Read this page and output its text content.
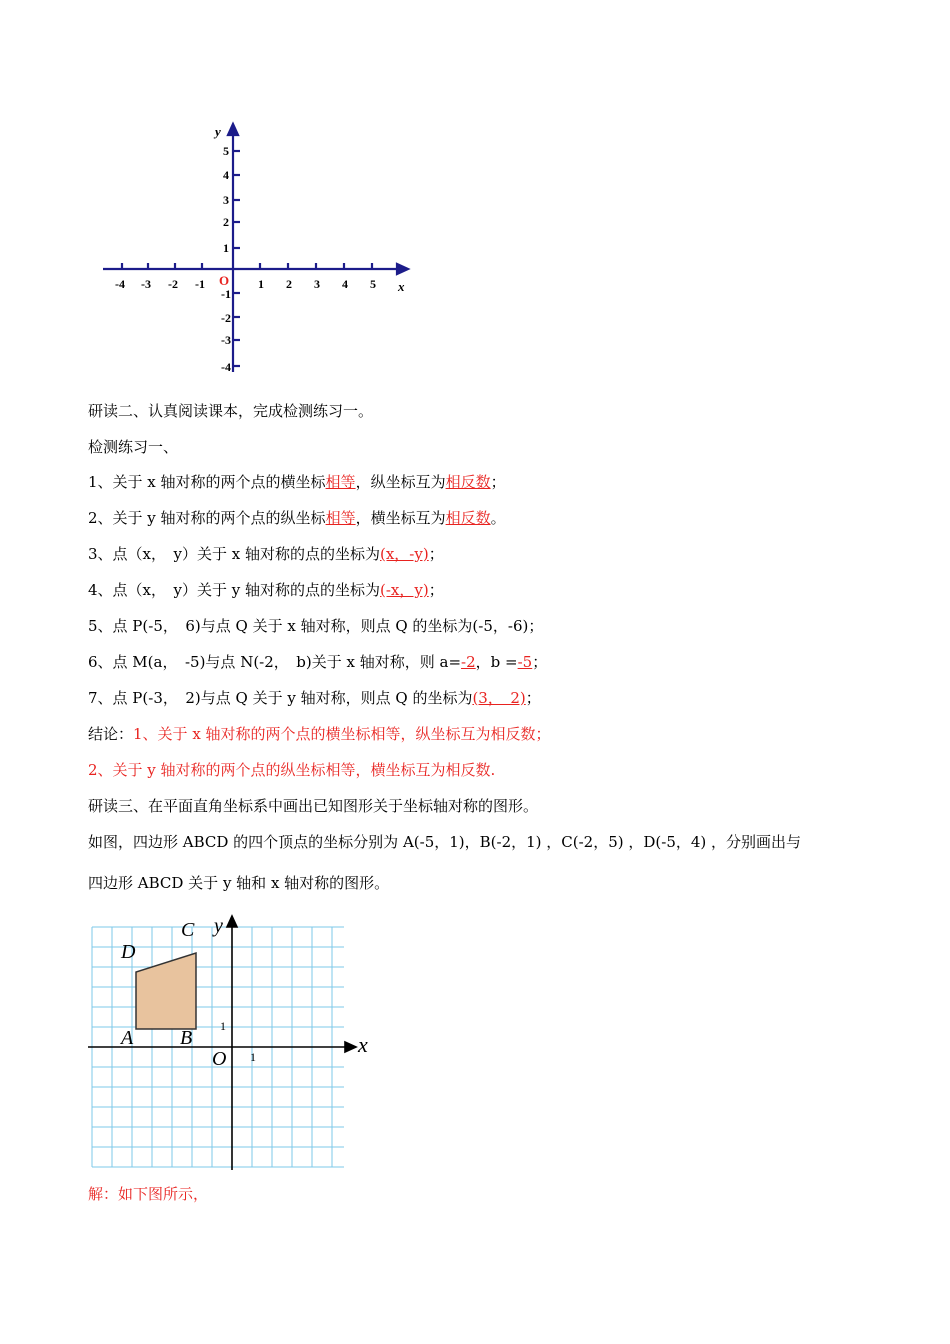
5
4
3
2
1
-1
-2
-3
-4
-4 -3 -2 -1	1 2 3 4 5
O	x
y
研读二、认真阅读课本，完成检测练习一。
检测练习一、
1、关于 x 轴对称的两个点的横坐标相等，纵坐标互为相反数；
2、关于 y 轴对称的两个点的纵坐标相等，横坐标互为相反数。
3、点（x，　y）关于 x 轴对称的点的坐标为(x，-y)；
4、点（x，　y）关于 y 轴对称的点的坐标为(-x，y)；
5、点 P(-5，　6)与点 Q 关于 x 轴对称，则点 Q 的坐标为(-5，-6)；
6、点 M(a，　-5)与点 N(-2，　b)关于 x 轴对称，则 a=-2，b =-5；
7、点 P(-3，　2)与点 Q 关于 y 轴对称，则点 Q 的坐标为(3，　2)；
结论：1、关于 x 轴对称的两个点的横坐标相等，纵坐标互为相反数；
2、关于 y 轴对称的两个点的纵坐标相等，横坐标互为相反数.
研读三、在平面直角坐标系中画出已知图形关于坐标轴对称的图形。
如图，四边形 ABCD 的四个顶点的坐标分别为 A(-5，1)，B(-2，1) ，C(-2，5) ，D(-5，4) ，分别画出与
四边形 ABCD 关于 y 轴和 x 轴对称的图形。
D
C
A B
O
x
y
1
1
解：如下图所示，
